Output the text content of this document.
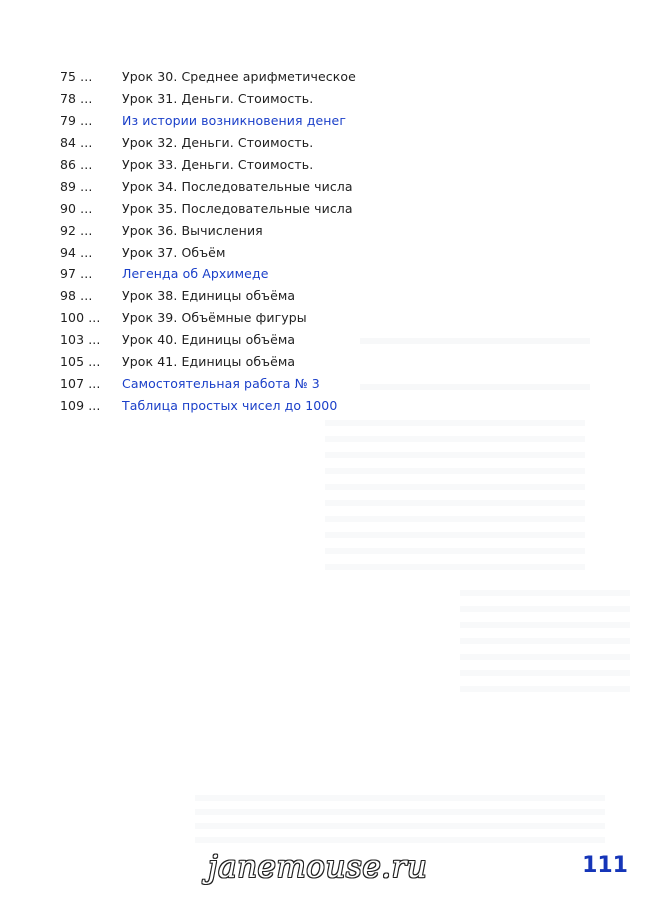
75 ...	Урок 30. Среднее арифметическое
78 ...	Урок 31. Деньги. Стоимость.
79 ...	Из истории возникновения денег
84 ...	Урок 32. Деньги. Стоимость.
86 ...	Урок 33. Деньги. Стоимость.
89 ...	Урок 34. Последовательные числа
90 ...	Урок 35. Последовательные числа
92 ...	Урок 36. Вычисления
94 ...	Урок 37. Объём
97 ...	Легенда об Архимеде
98 ...	Урок 38. Единицы объёма
100 ...	Урок 39. Объёмные фигуры
103 ...	Урок 40. Единицы объёма
105 ...	Урок 41. Единицы объёма
107 ...	Самостоятельная работа № 3
109 ...	Таблица простых чисел до 1000
janemouse.ru	111
